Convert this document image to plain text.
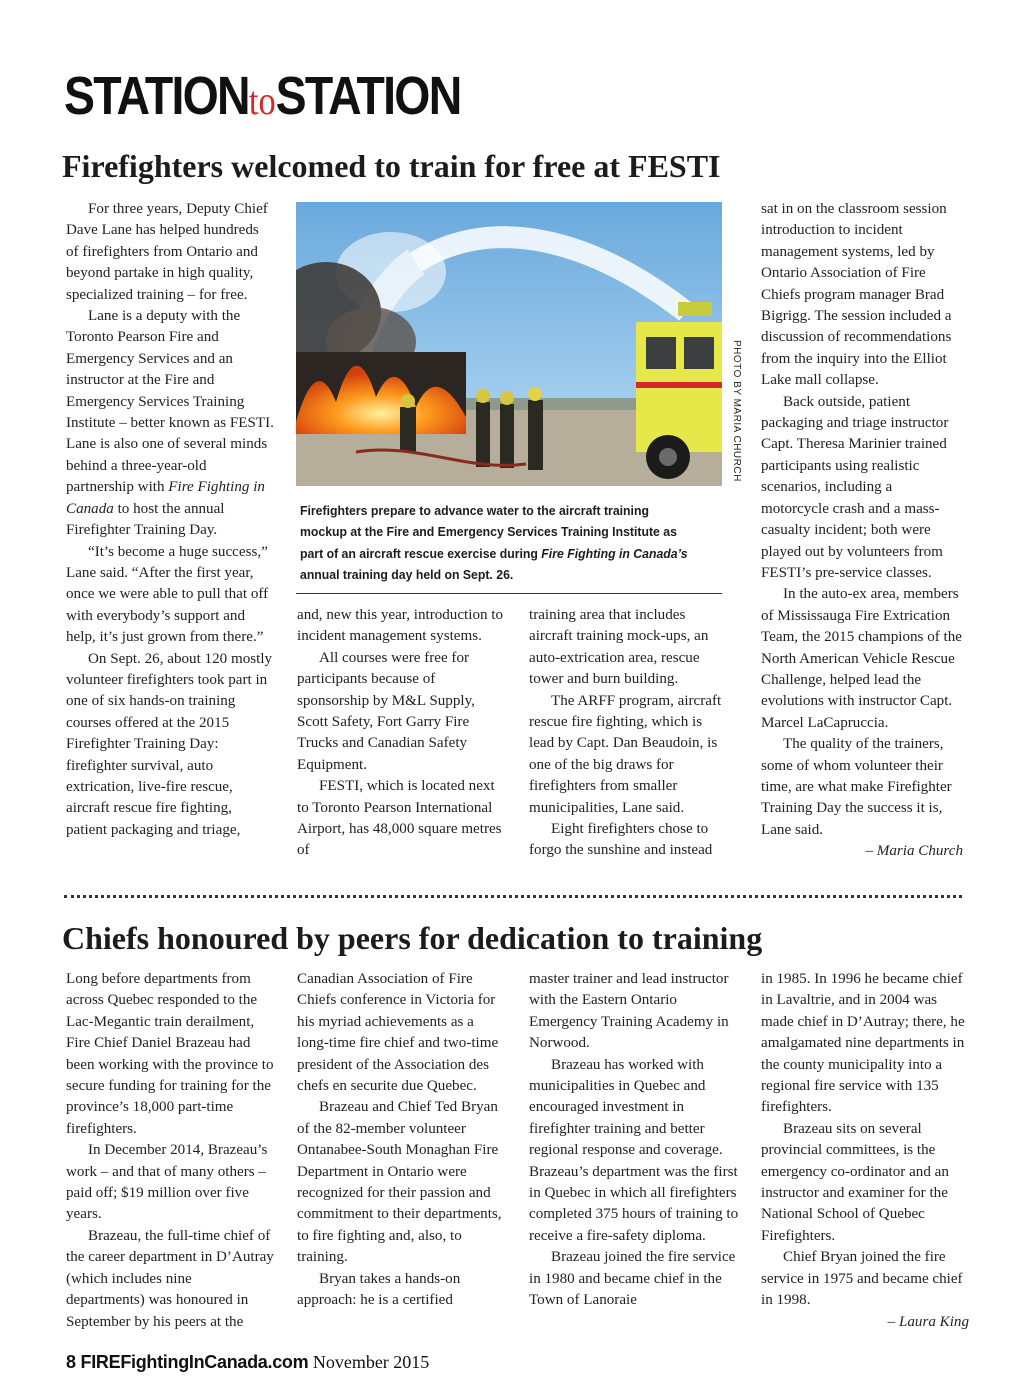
STATIONtoSTATION
Firefighters welcomed to train for free at FESTI

For three years, Deputy Chief Dave Lane has helped hundreds of firefighters from Ontario and beyond partake in high quality, specialized training – for free.

Lane is a deputy with the Toronto Pearson Fire and Emergency Services and an instructor at the Fire and Emergency Services Training Institute – better known as FESTI. Lane is also one of several minds behind a three-year-old partnership with Fire Fighting in Canada to host the annual Firefighter Training Day.

“It’s become a huge success,” Lane said. “After the first year, once we were able to pull that off with everybody’s support and help, it’s just grown from there.”

On Sept. 26, about 120 mostly volunteer firefighters took part in one of six hands-on training courses offered at the 2015 Firefighter Training Day: firefighter survival, auto extrication, live-fire rescue, aircraft rescue fire fighting, patient packaging and triage,

PHOTO BY MARIA CHURCH
Firefighters prepare to advance water to the aircraft training mockup at the Fire and Emergency Services Training Institute as part of an aircraft rescue exercise during Fire Fighting in Canada’s annual training day held on Sept. 26.

and, new this year, introduction to incident management systems.

All courses were free for participants because of sponsorship by M&L Supply, Scott Safety, Fort Garry Fire Trucks and Canadian Safety Equipment.

FESTI, which is located next to Toronto Pearson International Airport, has 48,000 square metres of

training area that includes aircraft training mock-ups, an auto-extrication area, rescue tower and burn building.

The ARFF program, aircraft rescue fire fighting, which is lead by Capt. Dan Beaudoin, is one of the big draws for firefighters from smaller municipalities, Lane said.

Eight firefighters chose to forgo the sunshine and instead

sat in on the classroom session introduction to incident management systems, led by Ontario Association of Fire Chiefs program manager Brad Bigrigg. The session included a discussion of recommendations from the inquiry into the Elliot Lake mall collapse.

Back outside, patient packaging and triage instructor Capt. Theresa Marinier trained participants using realistic scenarios, including a motorcycle crash and a mass-casualty incident; both were played out by volunteers from FESTI’s pre-service classes.

In the auto-ex area, members of Mississauga Fire Extrication Team, the 2015 champions of the North American Vehicle Rescue Challenge, helped lead the evolutions with instructor Capt. Marcel LaCapruccia.

The quality of the trainers, some of whom volunteer their time, are what make Firefighter Training Day the success it is, Lane said.

– Maria Church

Chiefs honoured by peers for dedication to training

Long before departments from across Quebec responded to the Lac-Megantic train derailment, Fire Chief Daniel Brazeau had been working with the province to secure funding for training for the province’s 18,000 part-time firefighters.

In December 2014, Brazeau’s work – and that of many others – paid off; $19 million over five years.

Brazeau, the full-time chief of the career department in D’Autray (which includes nine departments) was honoured in September by his peers at the

Canadian Association of Fire Chiefs conference in Victoria for his myriad achievements as a long-time fire chief and two-time president of the Association des chefs en securite due Quebec.

Brazeau and Chief Ted Bryan of the 82-member volunteer Ontanabee-South Monaghan Fire Department in Ontario were recognized for their passion and commitment to their departments, to fire fighting and, also, to training.

Bryan takes a hands-on approach: he is a certified

master trainer and lead instructor with the Eastern Ontario Emergency Training Academy in Norwood.

Brazeau has worked with municipalities in Quebec and encouraged investment in firefighter training and better regional response and coverage. Brazeau’s department was the first in Quebec in which all firefighters completed 375 hours of training to receive a fire-safety diploma.

Brazeau joined the fire service in 1980 and became chief in the Town of Lanoraie

in 1985. In 1996 he became chief in Lavaltrie, and in 2004 was made chief in D’Autray; there, he amalgamated nine departments in the county municipality into a regional fire service with 135 firefighters.

Brazeau sits on several provincial committees, is the emergency co-ordinator and an instructor and examiner for the National School of Quebec Firefighters.

Chief Bryan joined the fire service in 1975 and became chief in 1998.

– Laura King

8 FIREFightingInCanada.com November 2015
